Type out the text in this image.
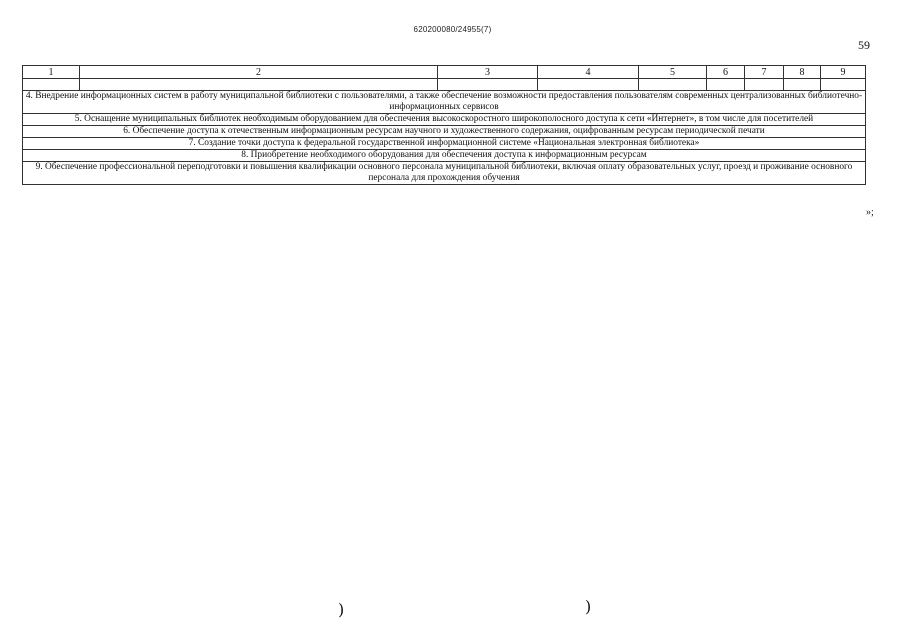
620200080/24955(7)
59
1	2	3	4	5	6	7	8	9

4. Внедрение информационных систем в работу муниципальной библиотеки с пользователями, а также обеспечение возможности предоставления пользователям современных централизованных библиотечно-информационных сервисов								
5. Оснащение муниципальных библиотек необходимым оборудованием для обеспечения высокоскоростного широкополосного доступа к сети «Интернет», в том числе для посетителей								
6. Обеспечение доступа к отечественным информационным ресурсам научного и художественного содержания, оцифрованным ресурсам периодической печати								
7. Создание точки доступа к федеральной государственной информационной системе «Национальная электронная библиотека»								
8. Приобретение необходимого оборудования для обеспечения доступа к информационным ресурсам								
9. Обеспечение профессиональной переподготовки и повышения квалификации основного персонала муниципальной библиотеки, включая оплату образовательных услуг, проезд и проживание основного персонала для прохождения обучения								
»;
)	)
